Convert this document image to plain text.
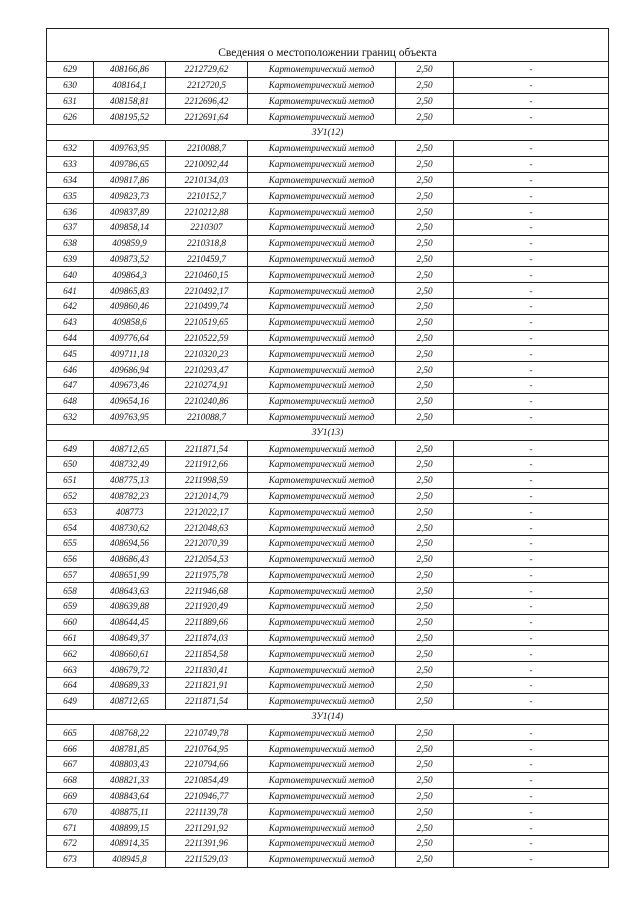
Сведения о местоположении границ объекта					
629	408166,86	2212729,62	Картометрический метод	2,50	-
630	408164,1	2212720,5	Картометрический метод	2,50	-
631	408158,81	2212696,42	Картометрический метод	2,50	-
626	408195,52	2212691,64	Картометрический метод	2,50	-
ЗУ1(12)					
632	409763,95	2210088,7	Картометрический метод	2,50	-
633	409786,65	2210092,44	Картометрический метод	2,50	-
634	409817,86	2210134,03	Картометрический метод	2,50	-
635	409823,73	2210152,7	Картометрический метод	2,50	-
636	409837,89	2210212,88	Картометрический метод	2,50	-
637	409858,14	2210307	Картометрический метод	2,50	-
638	409859,9	2210318,8	Картометрический метод	2,50	-
639	409873,52	2210459,7	Картометрический метод	2,50	-
640	409864,3	2210460,15	Картометрический метод	2,50	-
641	409865,83	2210492,17	Картометрический метод	2,50	-
642	409860,46	2210499,74	Картометрический метод	2,50	-
643	409858,6	2210519,65	Картометрический метод	2,50	-
644	409776,64	2210522,59	Картометрический метод	2,50	-
645	409711,18	2210320,23	Картометрический метод	2,50	-
646	409686,94	2210293,47	Картометрический метод	2,50	-
647	409673,46	2210274,91	Картометрический метод	2,50	-
648	409654,16	2210240,86	Картометрический метод	2,50	-
632	409763,95	2210088,7	Картометрический метод	2,50	-
ЗУ1(13)					
649	408712,65	2211871,54	Картометрический метод	2,50	-
650	408732,49	2211912,66	Картометрический метод	2,50	-
651	408775,13	2211998,59	Картометрический метод	2,50	-
652	408782,23	2212014,79	Картометрический метод	2,50	-
653	408773	2212022,17	Картометрический метод	2,50	-
654	408730,62	2212048,63	Картометрический метод	2,50	-
655	408694,56	2212070,39	Картометрический метод	2,50	-
656	408686,43	2212054,53	Картометрический метод	2,50	-
657	408651,99	2211975,78	Картометрический метод	2,50	-
658	408643,63	2211946,68	Картометрический метод	2,50	-
659	408639,88	2211920,49	Картометрический метод	2,50	-
660	408644,45	2211889,66	Картометрический метод	2,50	-
661	408649,37	2211874,03	Картометрический метод	2,50	-
662	408660,61	2211854,58	Картометрический метод	2,50	-
663	408679,72	2211830,41	Картометрический метод	2,50	-
664	408689,33	2211821,91	Картометрический метод	2,50	-
649	408712,65	2211871,54	Картометрический метод	2,50	-
ЗУ1(14)					
665	408768,22	2210749,78	Картометрический метод	2,50	-
666	408781,85	2210764,95	Картометрический метод	2,50	-
667	408803,43	2210794,66	Картометрический метод	2,50	-
668	408821,33	2210854,49	Картометрический метод	2,50	-
669	408843,64	2210946,77	Картометрический метод	2,50	-
670	408875,11	2211139,78	Картометрический метод	2,50	-
671	408899,15	2211291,92	Картометрический метод	2,50	-
672	408914,35	2211391,96	Картометрический метод	2,50	-
673	408945,8	2211529,03	Картометрический метод	2,50	-
